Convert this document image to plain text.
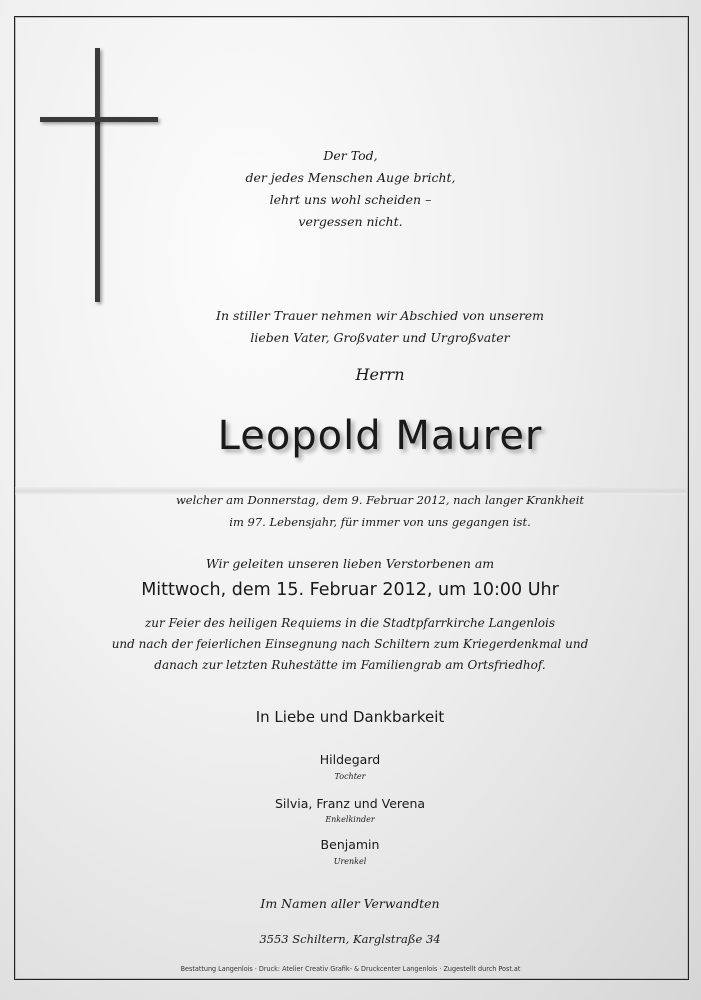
Der Tod,
der jedes Menschen Auge bricht,
lehrt uns wohl scheiden –
vergessen nicht.
In stiller Trauer nehmen wir Abschied von unserem
lieben Vater, Großvater und Urgroßvater
Herrn
Leopold Maurer
welcher am Donnerstag, dem 9. Februar 2012, nach langer Krankheit
im 97. Lebensjahr, für immer von uns gegangen ist.
Wir geleiten unseren lieben Verstorbenen am
Mittwoch, dem 15. Februar 2012, um 10:00 Uhr
zur Feier des heiligen Requiems in die Stadtpfarrkirche Langenlois
und nach der feierlichen Einsegnung nach Schiltern zum Kriegerdenkmal und
danach zur letzten Ruhestätte im Familiengrab am Ortsfriedhof.
In Liebe und Dankbarkeit
Hildegard
Tochter
Silvia, Franz und Verena
Enkelkinder
Benjamin
Urenkel
Im Namen aller Verwandten
3553 Schiltern, Karglstraße 34
Bestattung Langenlois · Druck: Atelier Creativ Grafik- & Druckcenter Langenlois · Zugestellt durch Post.at
